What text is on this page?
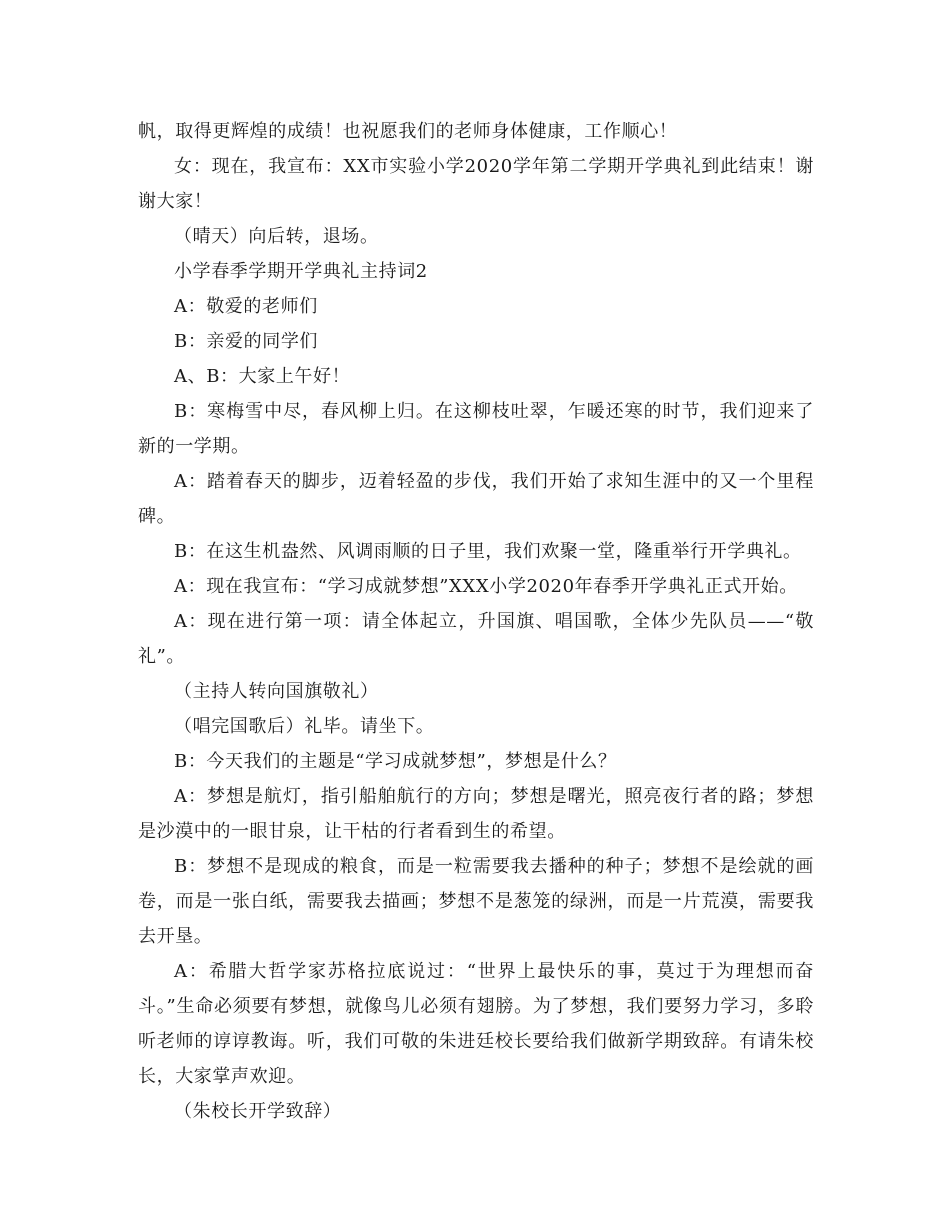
帆，取得更辉煌的成绩！也祝愿我们的老师身体健康，工作顺心！

女：现在，我宣布：XX市实验小学2020学年第二学期开学典礼到此结束！谢谢大家！

（晴天）向后转，退场。

小学春季学期开学典礼主持词2

A：敬爱的老师们

B：亲爱的同学们

A、B：大家上午好！

B：寒梅雪中尽，春风柳上归。在这柳枝吐翠，乍暖还寒的时节，我们迎来了新的一学期。

A：踏着春天的脚步，迈着轻盈的步伐，我们开始了求知生涯中的又一个里程碑。

B：在这生机盎然、风调雨顺的日子里，我们欢聚一堂，隆重举行开学典礼。

A：现在我宣布：“学习成就梦想”XXX小学2020年春季开学典礼正式开始。

A：现在进行第一项：请全体起立，升国旗、唱国歌，全体少先队员——“敬礼”。

（主持人转向国旗敬礼）

（唱完国歌后）礼毕。请坐下。

B：今天我们的主题是“学习成就梦想”，梦想是什么？

A：梦想是航灯，指引船舶航行的方向；梦想是曙光，照亮夜行者的路；梦想是沙漠中的一眼甘泉，让干枯的行者看到生的希望。

B：梦想不是现成的粮食，而是一粒需要我去播种的种子；梦想不是绘就的画卷，而是一张白纸，需要我去描画；梦想不是葱笼的绿洲，而是一片荒漠，需要我去开垦。

A：希腊大哲学家苏格拉底说过：“世界上最快乐的事，莫过于为理想而奋斗。”生命必须要有梦想，就像鸟儿必须有翅膀。为了梦想，我们要努力学习，多聆听老师的谆谆教诲。听，我们可敬的朱进廷校长要给我们做新学期致辞。有请朱校长，大家掌声欢迎。

（朱校长开学致辞）
